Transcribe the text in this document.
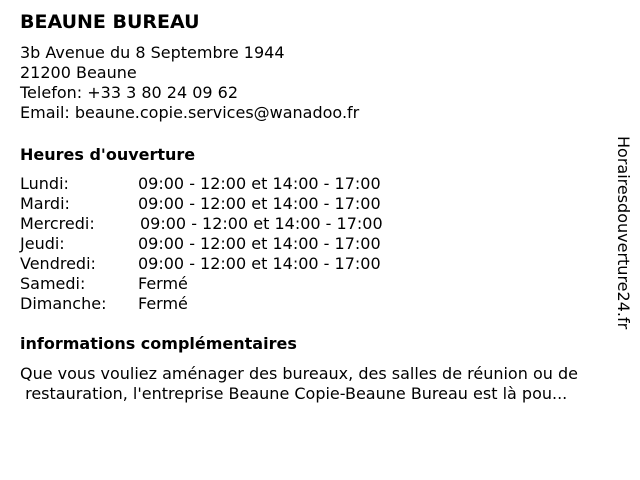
BEAUNE BUREAU
3b Avenue du 8 Septembre 1944
21200 Beaune
Telefon: +33 3 80 24 09 62
Email: beaune.copie.services@wanadoo.fr
Heures d'ouverture
Lundi:	09:00 - 12:00 et 14:00 - 17:00
Mardi:	09:00 - 12:00 et 14:00 - 17:00
Mercredi:	09:00 - 12:00 et 14:00 - 17:00
Jeudi:	09:00 - 12:00 et 14:00 - 17:00
Vendredi:	09:00 - 12:00 et 14:00 - 17:00
Samedi:	Fermé
Dimanche: Fermé
informations complémentaires
Que vous vouliez aménager des bureaux, des salles de réunion ou de
restauration, l'entreprise Beaune Copie-Beaune Bureau est là pou...
Horairesdouverture24.fr
